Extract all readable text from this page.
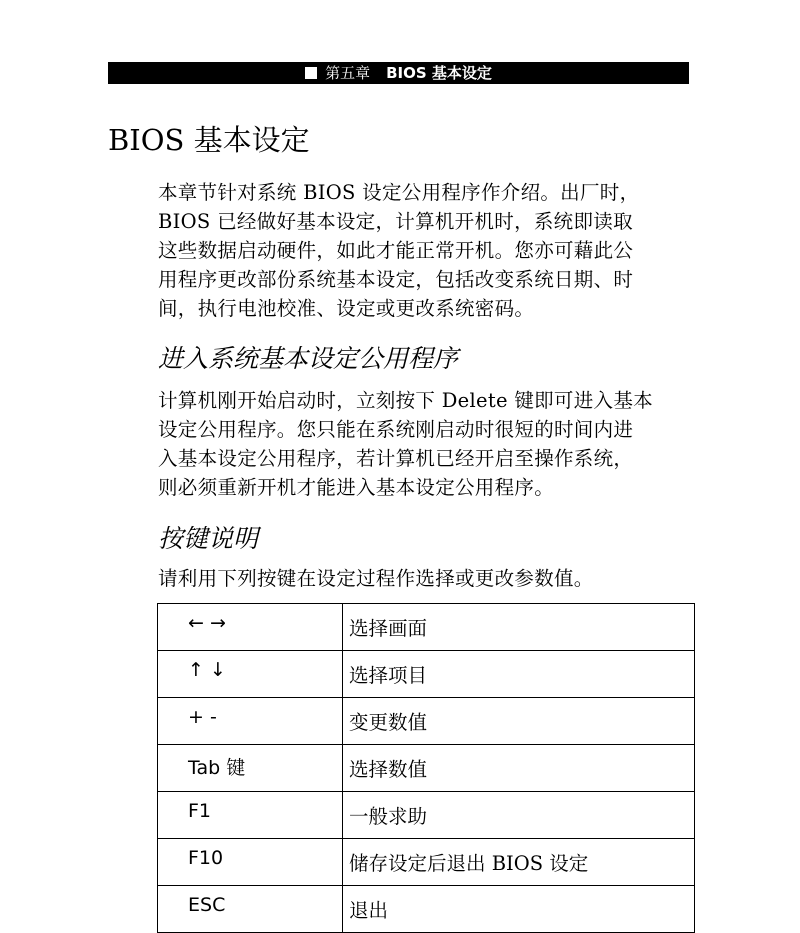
第五章 BIOS 基本设定
BIOS 基本设定

本章节针对系统 BIOS 设定公用程序作介绍。出厂时，

BIOS 已经做好基本设定，计算机开机时，系统即读取

这些数据启动硬件，如此才能正常开机。您亦可藉此公

用程序更改部份系统基本设定，包括改变系统日期、时

间，执行电池校准、设定或更改系统密码。

进入系统基本设定公用程序

计算机刚开始启动时，立刻按下 Delete 键即可进入基本

设定公用程序。您只能在系统刚启动时很短的时间内进

入基本设定公用程序，若计算机已经开启至操作系统，

则必须重新开机才能进入基本设定公用程序。

按键说明

请利用下列按键在设定过程作选择或更改参数值。

← →	选择画面
↑ ↓	选择项目
+ -	变更数值
Tab 键	选择数值
F1	一般求助
F10	储存设定后退出 BIOS 设定
ESC	退出
